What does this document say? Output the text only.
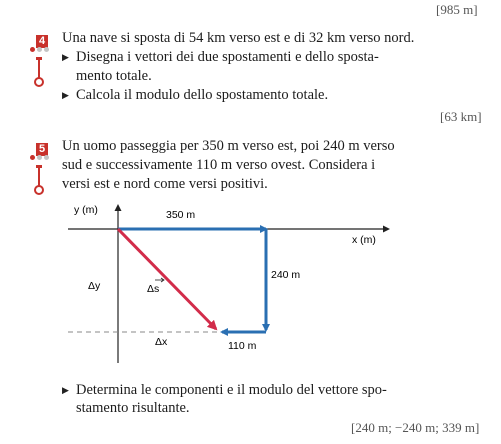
[985 m]
4 Una nave si sposta di 54 km verso est e di 32 km verso nord.
▶ Disegna i vettori dei due spostamenti e dello sposta-
mento totale.
▶ Calcola il modulo dello spostamento totale.
[63 km]
5 Un uomo passeggia per 350 m verso est, poi 240 m verso
sud e successivamente 110 m verso ovest. Considera i
versi est e nord come versi positivi.
y (m)
x (m)
350 m
240 m
110 m
Δy
Δx
Δs
▶ Determina le componenti e il modulo del vettore spo-
stamento risultante.
[240 m; −240 m; 339 m]
